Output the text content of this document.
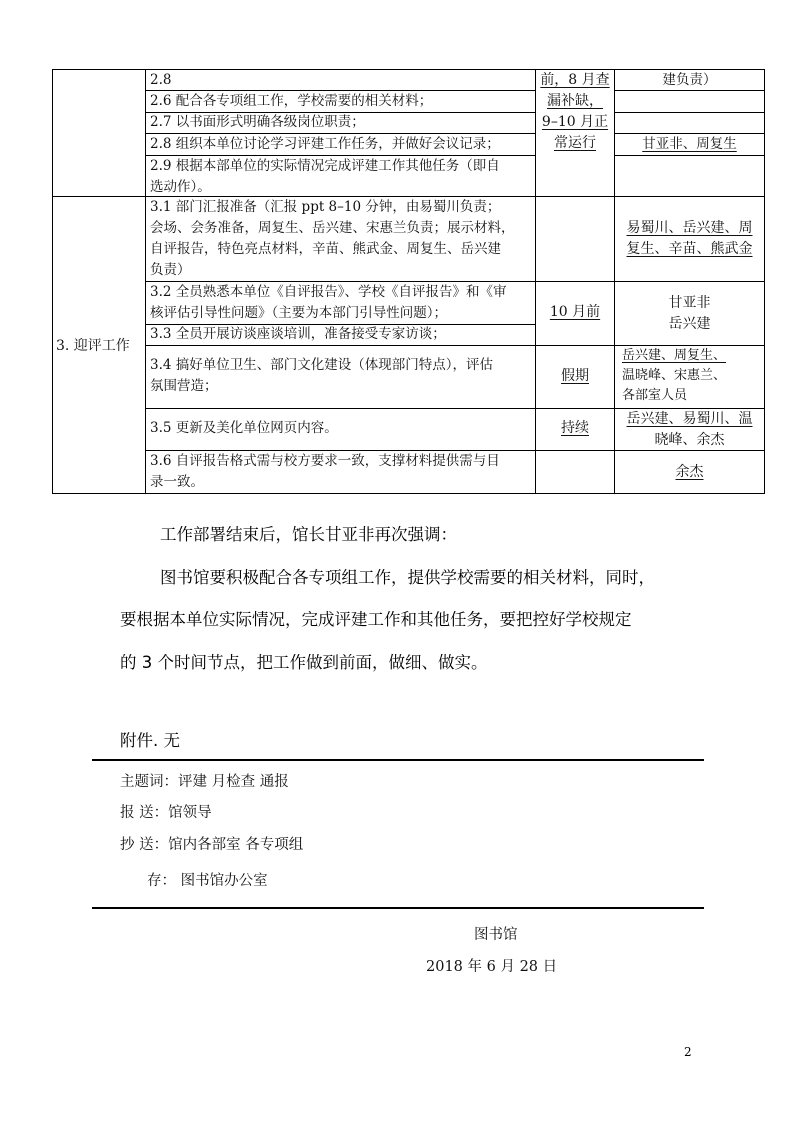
2.8
2.6 配合各专项组工作，学校需要的相关材料；
2.7 以书面形式明确各级岗位职责；
2.8 组织本单位讨论学习评建工作任务，并做好会议记录；
2.9 根据本部单位的实际情况完成评建工作其他任务（即自
选动作）。
前，8 月查
漏补缺，
9–10 月正
常运行
建负责）
甘亚非、周复生
3. 迎评工作
3.1 部门汇报准备（汇报 ppt 8–10 分钟，由易蜀川负责；
会场、会务准备，周复生、岳兴建、宋惠兰负责；展示材料，
自评报告，特色亮点材料，辛苗、熊武金、周复生、岳兴建
负责）
易蜀川、岳兴建、周
复生、辛苗、熊武金
3.2 全员熟悉本单位《自评报告》、学校《自评报告》和《审
核评估引导性问题》（主要为本部门引导性问题）；	10 月前
甘亚非
岳兴建
3.3 全员开展访谈座谈培训，准备接受专家访谈；
3.4 搞好单位卫生、部门文化建设（体现部门特点），评估
氛围营造；
假期
岳兴建、周复生、
温晓峰、宋惠兰、
各部室人员
3.5 更新及美化单位网页内容。	持续
岳兴建、易蜀川、温
晓峰、余杰
3.6 自评报告格式需与校方要求一致，支撑材料提供需与目
录一致。
余杰
工作部署结束后，馆长甘亚非再次强调：
图书馆要积极配合各专项组工作，提供学校需要的相关材料，同时，
要根据本单位实际情况，完成评建工作和其他任务，要把控好学校规定
的 3 个时间节点，把工作做到前面，做细、做实。
附件. 无
主题词：评建 月检查 通报
报 送：馆领导
抄 送：馆内各部室 各专项组
存： 图书馆办公室
图书馆
2018 年 6 月 28 日
2
